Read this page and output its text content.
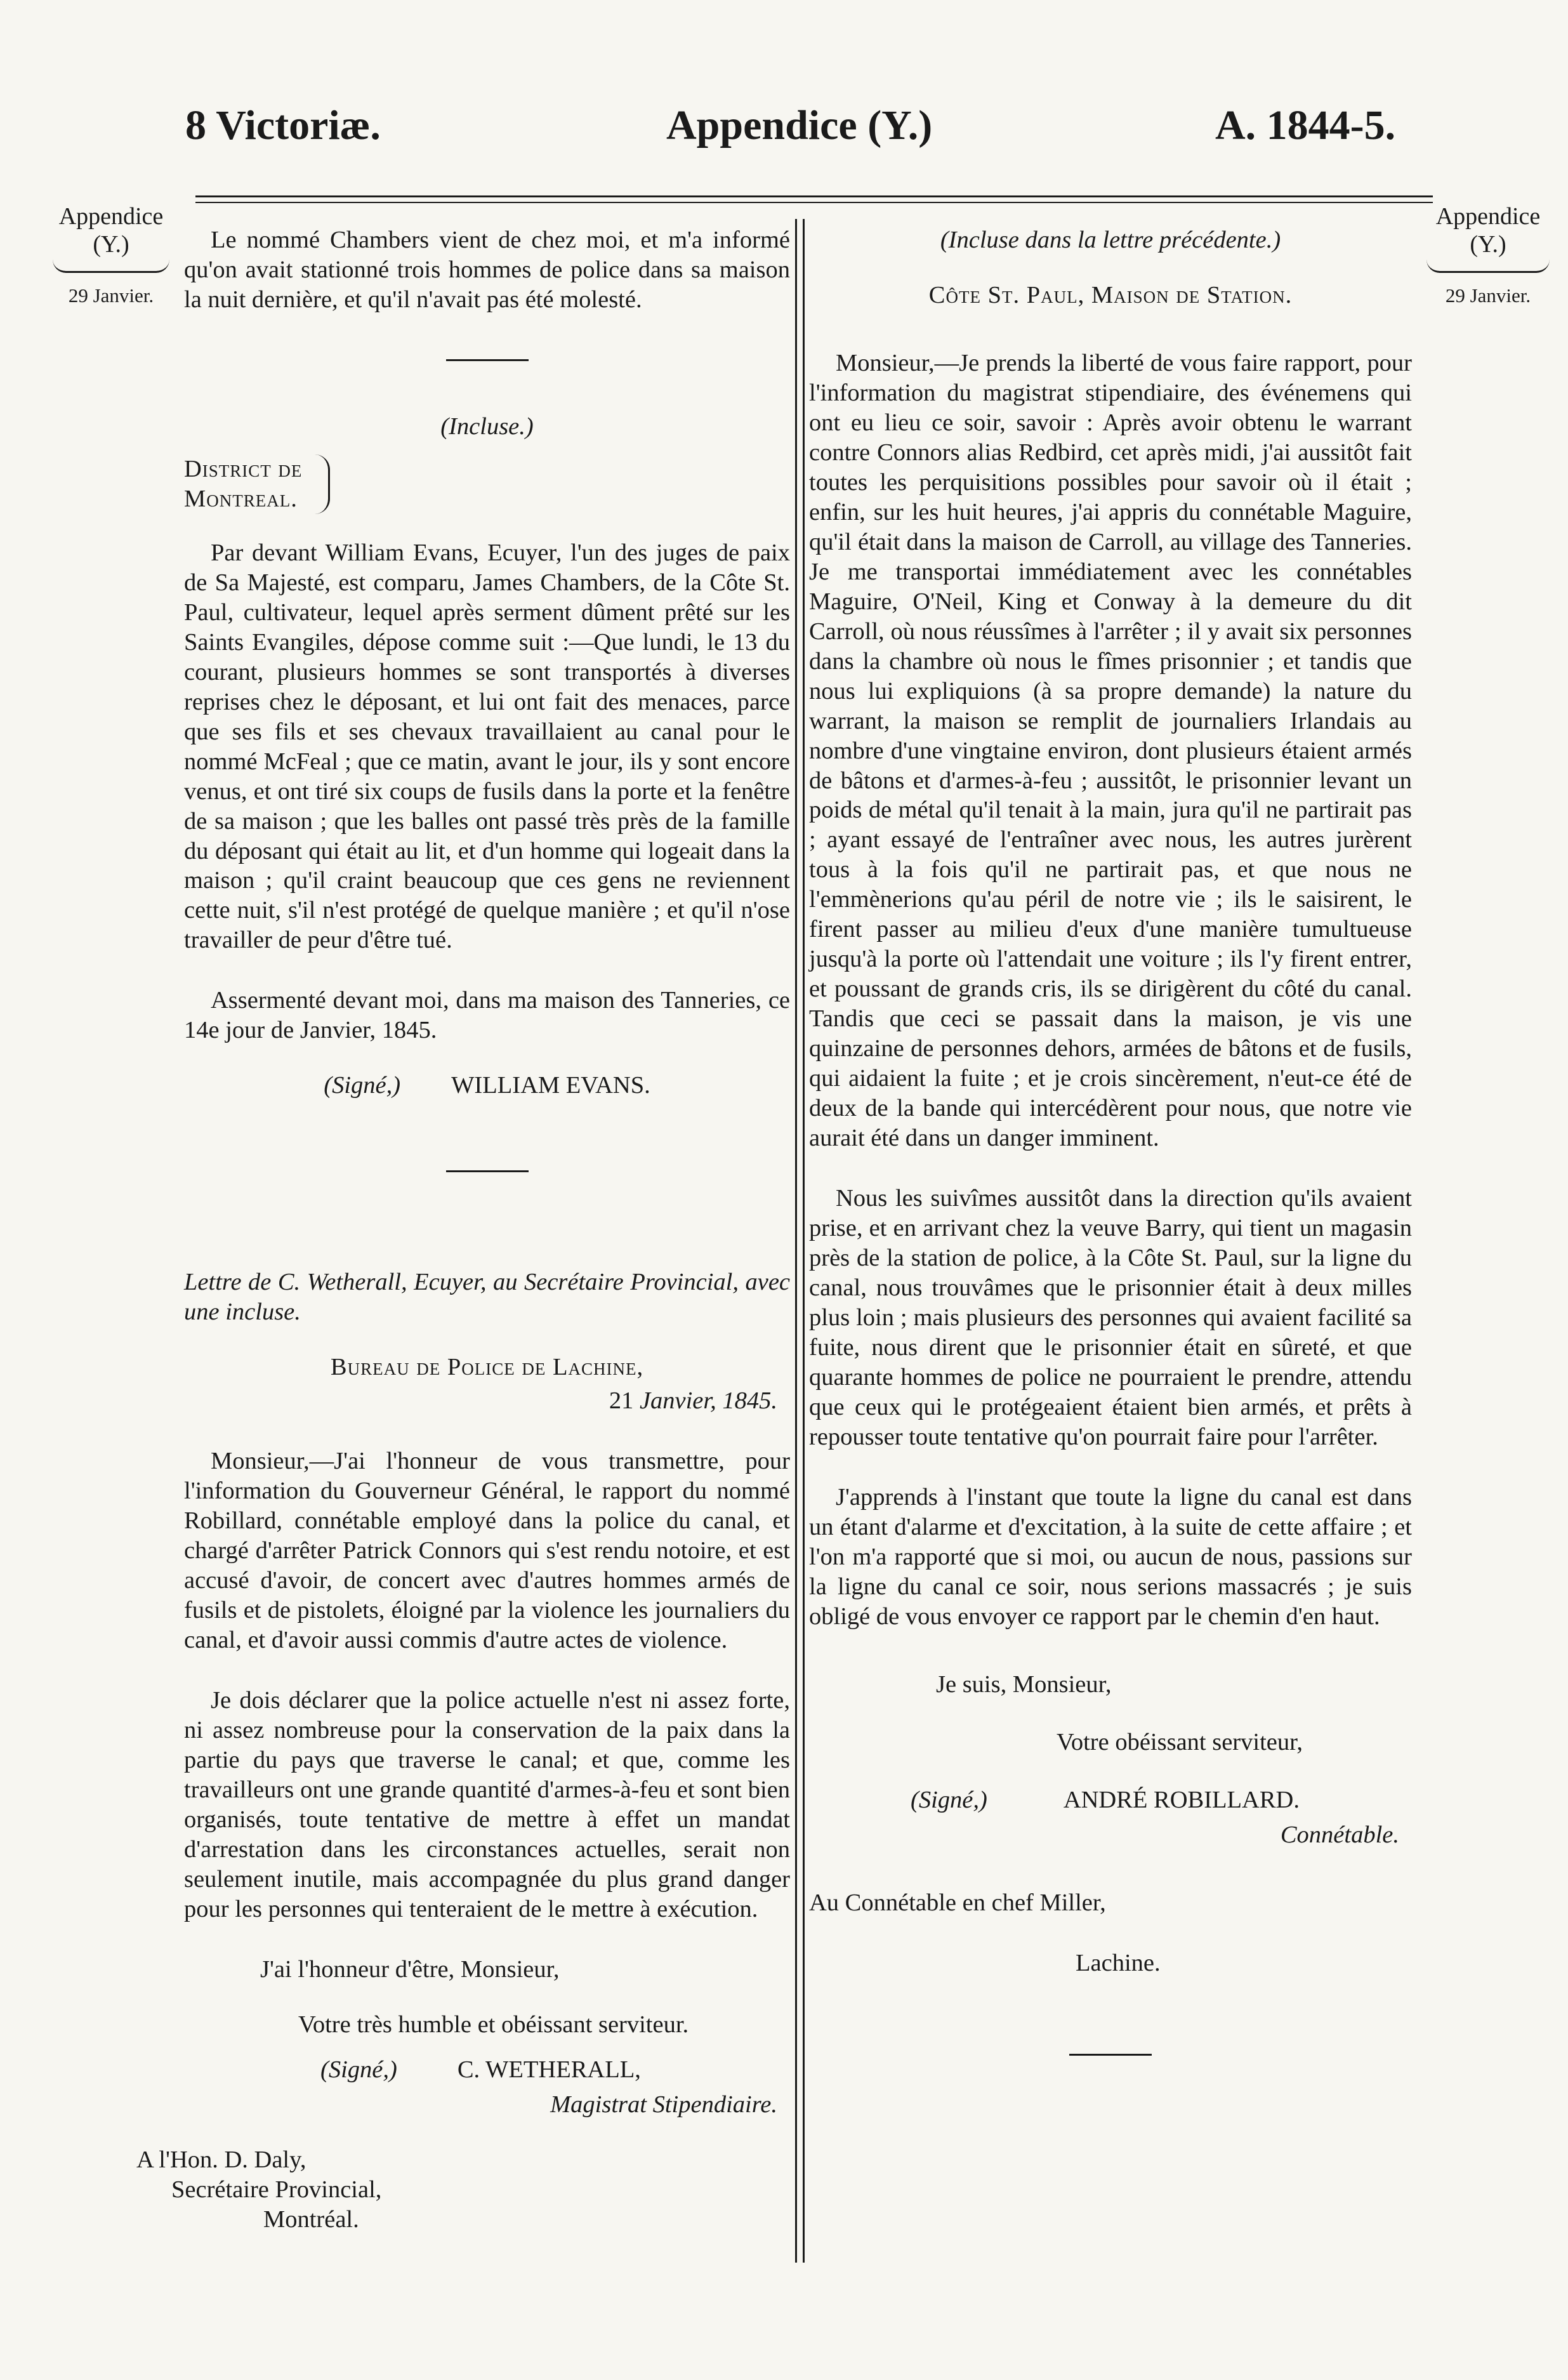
8 Victoriæ.	Appendice (Y.)	A. 1844-5.
Appendice
(Y.)
29 Janvier.
Appendice
(Y.)
29 Janvier.

Le nommé Chambers vient de chez moi, et m'a informé qu'on avait stationné trois hommes de police dans sa maison la nuit dernière, et qu'il n'avait pas été molesté.

(Incluse.)

District de
Montreal.

Par devant William Evans, Ecuyer, l'un des juges de paix de Sa Majesté, est comparu, James Chambers, de la Côte St. Paul, cultivateur, lequel après serment dûment prêté sur les Saints Evangiles, dépose comme suit :—Que lundi, le 13 du courant, plusieurs hommes se sont transportés à diverses reprises chez le déposant, et lui ont fait des menaces, parce que ses fils et ses chevaux travaillaient au canal pour le nommé McFeal ; que ce matin, avant le jour, ils y sont encore venus, et ont tiré six coups de fusils dans la porte et la fenêtre de sa maison ; que les balles ont passé très près de la famille du déposant qui était au lit, et d'un homme qui logeait dans la maison ; qu'il craint beaucoup que ces gens ne reviennent cette nuit, s'il n'est protégé de quelque manière ; et qu'il n'ose travailler de peur d'être tué.

Assermenté devant moi, dans ma maison des Tanneries, ce 14e jour de Janvier, 1845.

(Signé,) WILLIAM EVANS.

Lettre de C. Wetherall, Ecuyer, au Secrétaire Provincial, avec une incluse.

Bureau de Police de Lachine,

21 Janvier, 1845.

Monsieur,—J'ai l'honneur de vous transmettre, pour l'information du Gouverneur Général, le rapport du nommé Robillard, connétable employé dans la police du canal, et chargé d'arrêter Patrick Connors qui s'est rendu notoire, et est accusé d'avoir, de concert avec d'autres hommes armés de fusils et de pistolets, éloigné par la violence les journaliers du canal, et d'avoir aussi commis d'autre actes de violence.

Je dois déclarer que la police actuelle n'est ni assez forte, ni assez nombreuse pour la conservation de la paix dans la partie du pays que traverse le canal; et que, comme les travailleurs ont une grande quantité d'armes-à-feu et sont bien organisés, toute tentative de mettre à effet un mandat d'arrestation dans les circonstances actuelles, serait non seulement inutile, mais accompagnée du plus grand danger pour les personnes qui tenteraient de le mettre à exécution.

J'ai l'honneur d'être, Monsieur,

Votre très humble et obéissant serviteur.

(Signé,) C. WETHERALL,

Magistrat Stipendiaire.

A l'Hon. D. Daly,

Secrétaire Provincial,

Montréal.

(Incluse dans la lettre précédente.)

Côte St. Paul, Maison de Station.

Monsieur,—Je prends la liberté de vous faire rapport, pour l'information du magistrat stipendiaire, des événemens qui ont eu lieu ce soir, savoir : Après avoir obtenu le warrant contre Connors alias Redbird, cet après midi, j'ai aussitôt fait toutes les perquisitions possibles pour savoir où il était ; enfin, sur les huit heures, j'ai appris du connétable Maguire, qu'il était dans la maison de Carroll, au village des Tanneries. Je me transportai immédiatement avec les connétables Maguire, O'Neil, King et Conway à la demeure du dit Carroll, où nous réussîmes à l'arrêter ; il y avait six personnes dans la chambre où nous le fîmes prisonnier ; et tandis que nous lui expliquions (à sa propre demande) la nature du warrant, la maison se remplit de journaliers Irlandais au nombre d'une vingtaine environ, dont plusieurs étaient armés de bâtons et d'armes-à-feu ; aussitôt, le prisonnier levant un poids de métal qu'il tenait à la main, jura qu'il ne partirait pas ; ayant essayé de l'entraîner avec nous, les autres jurèrent tous à la fois qu'il ne partirait pas, et que nous ne l'emmènerions qu'au péril de notre vie ; ils le saisirent, le firent passer au milieu d'eux d'une manière tumultueuse jusqu'à la porte où l'attendait une voiture ; ils l'y firent entrer, et poussant de grands cris, ils se dirigèrent du côté du canal. Tandis que ceci se passait dans la maison, je vis une quinzaine de personnes dehors, armées de bâtons et de fusils, qui aidaient la fuite ; et je crois sincèrement, n'eut-ce été de deux de la bande qui intercédèrent pour nous, que notre vie aurait été dans un danger imminent.

Nous les suivîmes aussitôt dans la direction qu'ils avaient prise, et en arrivant chez la veuve Barry, qui tient un magasin près de la station de police, à la Côte St. Paul, sur la ligne du canal, nous trouvâmes que le prisonnier était à deux milles plus loin ; mais plusieurs des personnes qui avaient facilité sa fuite, nous dirent que le prisonnier était en sûreté, et que quarante hommes de police ne pourraient le prendre, attendu que ceux qui le protégeaient étaient bien armés, et prêts à repousser toute tentative qu'on pourrait faire pour l'arrêter.

J'apprends à l'instant que toute la ligne du canal est dans un étant d'alarme et d'excitation, à la suite de cette affaire ; et l'on m'a rapporté que si moi, ou aucun de nous, passions sur la ligne du canal ce soir, nous serions massacrés ; je suis obligé de vous envoyer ce rapport par le chemin d'en haut.

Je suis, Monsieur,

Votre obéissant serviteur,

(Signé,)	ANDRÉ ROBILLARD.

Connétable.

Au Connétable en chef Miller,

Lachine.
